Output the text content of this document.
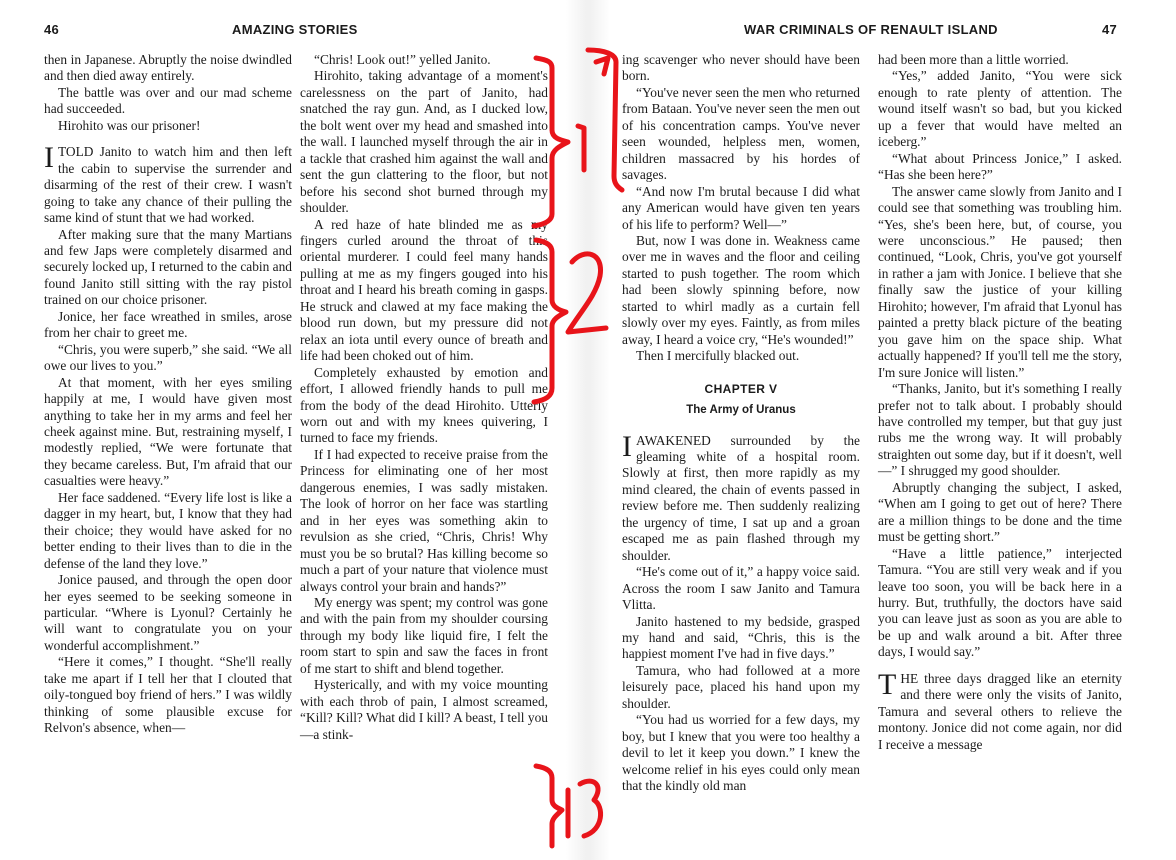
46	AMAZING STORIES	WAR CRIMINALS OF RENAULT ISLAND	47

then in Japanese. Abruptly the noise dwindled and then died away entirely.

The battle was over and our mad scheme had succeeded.

Hirohito was our prisoner!

ITOLD Janito to watch him and then left the cabin to supervise the surrender and disarming of the rest of their crew. I wasn't going to take any chance of their pulling the same kind of stunt that we had worked.

After making sure that the many Martians and few Japs were completely disarmed and securely locked up, I returned to the cabin and found Janito still sitting with the ray pistol trained on our choice prisoner.

Jonice, her face wreathed in smiles, arose from her chair to greet me.

“Chris, you were superb,” she said. “We all owe our lives to you.”

At that moment, with her eyes smiling happily at me, I would have given most anything to take her in my arms and feel her cheek against mine. But, restraining myself, I modestly replied, “We were fortunate that they became careless. But, I'm afraid that our casualties were heavy.”

Her face saddened. “Every life lost is like a dagger in my heart, but, I know that they had their choice; they would have asked for no better ending to their lives than to die in the defense of the land they love.”

Jonice paused, and through the open door her eyes seemed to be seeking someone in particular. “Where is Lyonul? Certainly he will want to congratulate you on your wonderful accomplishment.”

“Here it comes,” I thought. “She'll really take me apart if I tell her that I clouted that oily-tongued boy friend of hers.” I was wildly thinking of some plausible excuse for Relvon's absence, when—

“Chris! Look out!” yelled Janito.

Hirohito, taking advantage of a moment's carelessness on the part of Janito, had snatched the ray gun. And, as I ducked low, the bolt went over my head and smashed into the wall. I launched myself through the air in a tackle that crashed him against the wall and sent the gun clattering to the floor, but not before his second shot burned through my shoulder.

A red haze of hate blinded me as my fingers curled around the throat of this oriental murderer. I could feel many hands pulling at me as my fingers gouged into his throat and I heard his breath coming in gasps. He struck and clawed at my face making the blood run down, but my pressure did not relax an iota until every ounce of breath and life had been choked out of him.

Completely exhausted by emotion and effort, I allowed friendly hands to pull me from the body of the dead Hirohito. Utterly worn out and with my knees quivering, I turned to face my friends.

If I had expected to receive praise from the Princess for eliminating one of her most dangerous enemies, I was sadly mistaken. The look of horror on her face was startling and in her eyes was something akin to revulsion as she cried, “Chris, Chris! Why must you be so brutal? Has killing become so much a part of your nature that violence must always control your brain and hands?”

My energy was spent; my control was gone and with the pain from my shoulder coursing through my body like liquid fire, I felt the room start to spin and saw the faces in front of me start to shift and blend together.

Hysterically, and with my voice mounting with each throb of pain, I almost screamed, “Kill? Kill? What did I kill? A beast, I tell you—a stink-

ing scavenger who never should have been born.

“You've never seen the men who returned from Bataan. You've never seen the men out of his concentration camps. You've never seen wounded, helpless men, women, children massacred by his hordes of savages.

“And now I'm brutal because I did what any American would have given ten years of his life to perform? Well—”

But, now I was done in. Weakness came over me in waves and the floor and ceiling started to push together. The room which had been slowly spinning before, now started to whirl madly as a curtain fell slowly over my eyes. Faintly, as from miles away, I heard a voice cry, “He's wounded!”

Then I mercifully blacked out.

CHAPTER V
The Army of Uranus

IAWAKENED surrounded by the gleaming white of a hospital room. Slowly at first, then more rapidly as my mind cleared, the chain of events passed in review before me. Then suddenly realizing the urgency of time, I sat up and a groan escaped me as pain flashed through my shoulder.

“He's come out of it,” a happy voice said. Across the room I saw Janito and Tamura Vlitta.

Janito hastened to my bedside, grasped my hand and said, “Chris, this is the happiest moment I've had in five days.”

Tamura, who had followed at a more leisurely pace, placed his hand upon my shoulder.

“You had us worried for a few days, my boy, but I knew that you were too healthy a devil to let it keep you down.” I knew the welcome relief in his eyes could only mean that the kindly old man

had been more than a little worried.

“Yes,” added Janito, “You were sick enough to rate plenty of attention. The wound itself wasn't so bad, but you kicked up a fever that would have melted an iceberg.”

“What about Princess Jonice,” I asked. “Has she been here?”

The answer came slowly from Janito and I could see that something was troubling him. “Yes, she's been here, but, of course, you were unconscious.” He paused; then continued, “Look, Chris, you've got yourself in rather a jam with Jonice. I believe that she finally saw the justice of your killing Hirohito; however, I'm afraid that Lyonul has painted a pretty black picture of the beating you gave him on the space ship. What actually happened? If you'll tell me the story, I'm sure Jonice will listen.”

“Thanks, Janito, but it's something I really prefer not to talk about. I probably should have controlled my temper, but that guy just rubs me the wrong way. It will probably straighten out some day, but if it doesn't, well—” I shrugged my good shoulder.

Abruptly changing the subject, I asked, “When am I going to get out of here? There are a million things to be done and the time must be getting short.”

“Have a little patience,” interjected Tamura. “You are still very weak and if you leave too soon, you will be back here in a hurry. But, truthfully, the doctors have said you can leave just as soon as you are able to be up and walk around a bit. After three days, I would say.”

THE three days dragged like an eternity and there were only the visits of Janito, Tamura and several others to relieve the montony. Jonice did not come again, nor did I receive a message
